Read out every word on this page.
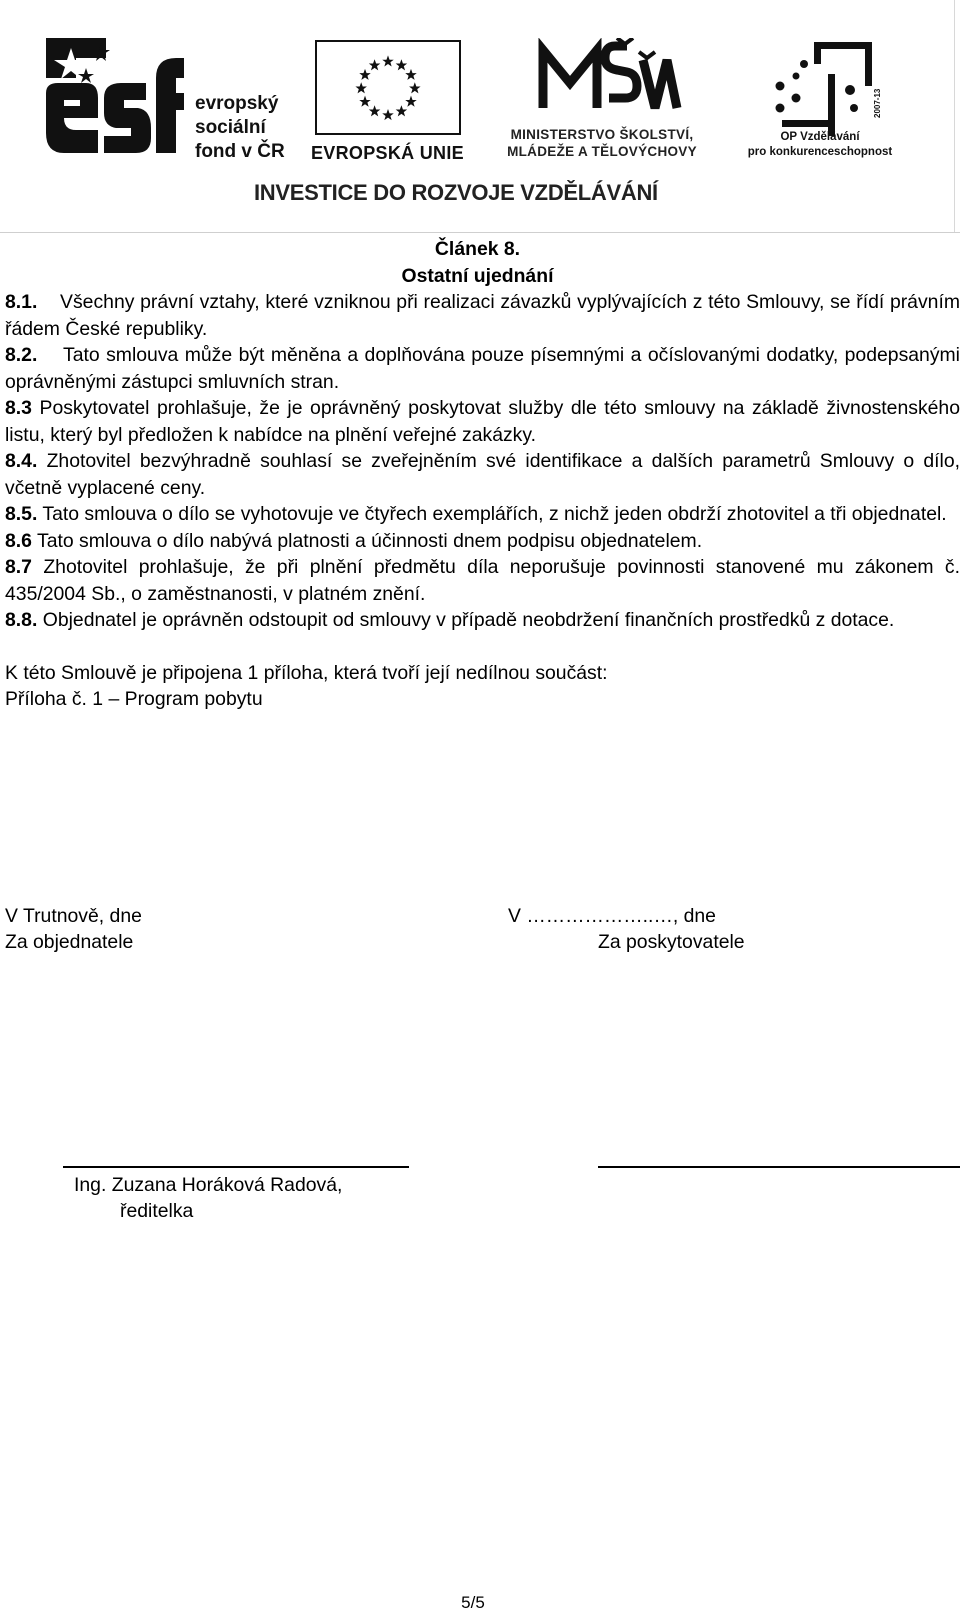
evropský
sociální
fond v ČR EVROPSKÁ UNIE
MINISTERSTVO ŠKOLSTVÍ,
MLÁDEŽE A TĚLOVÝCHOVY
2007-13
OP Vzdělávání
pro konkurenceschopnost
INVESTICE DO ROZVOJE VZDĚLÁVÁNÍ
Článek 8.
Ostatní ujednání

8.1. Všechny právní vztahy, které vzniknou při realizaci závazků vyplývajících z této Smlouvy, se řídí právním řádem České republiky.

8.2. Tato smlouva může být měněna a doplňována pouze písemnými a očíslovanými dodatky, podepsanými oprávněnými zástupci smluvních stran.

8.3 Poskytovatel prohlašuje, že je oprávněný poskytovat služby dle této smlouvy na základě živnostenského listu, který byl předložen k nabídce na plnění veřejné zakázky.

8.4. Zhotovitel bezvýhradně souhlasí se zveřejněním své identifikace a dalších parametrů Smlouvy o dílo, včetně vyplacené ceny.

8.5. Tato smlouva o dílo se vyhotovuje ve čtyřech exemplářích, z nichž jeden obdrží zhotovitel a tři objednatel.

8.6 Tato smlouva o dílo nabývá platnosti a účinnosti dnem podpisu objednatelem.

8.7 Zhotovitel prohlašuje, že při plnění předmětu díla neporušuje povinnosti stanovené mu zákonem č. 435/2004 Sb., o zaměstnanosti, v platném znění.

8.8. Objednatel je oprávněn odstoupit od smlouvy v případě neobdržení finančních prostředků z dotace.

K této Smlouvě je připojena 1 příloha, která tvoří její nedílnou součást:
Příloha č. 1 – Program pobytu
V Trutnově, dne
Za objednatele
V ………………..…, dne
Za poskytovatele
Ing. Zuzana Horáková Radová,
ředitelka
5/5
